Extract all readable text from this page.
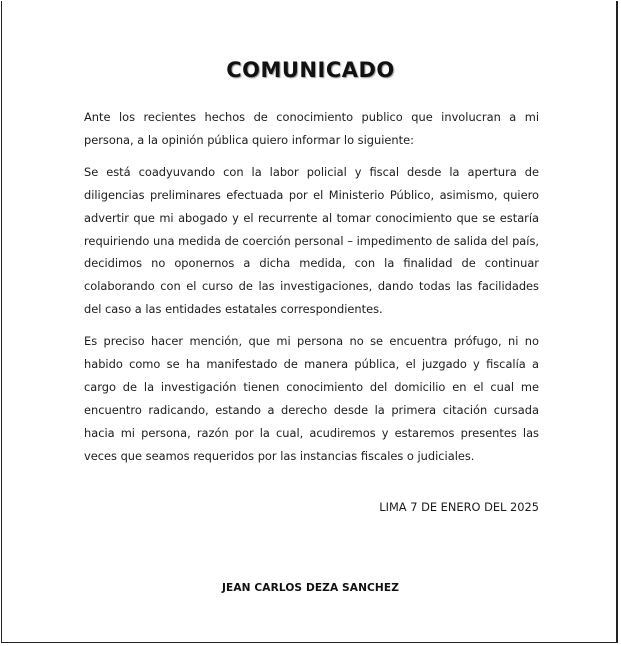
COMUNICADO

Ante los recientes hechos de conocimiento publico que involucran a mi persona, a la opinión pública quiero informar lo siguiente:

Se está coadyuvando con la labor policial y fiscal desde la apertura de diligencias preliminares efectuada por el Ministerio Público, asimismo, quiero advertir que mi abogado y el recurrente al tomar conocimiento que se estaría requiriendo una medida de coerción personal – impedimento de salida del país, decidimos no oponernos a dicha medida, con la finalidad de continuar colaborando con el curso de las investigaciones, dando todas las facilidades del caso a las entidades estatales correspondientes.

Es preciso hacer mención, que mi persona no se encuentra prófugo, ni no habido como se ha manifestado de manera pública, el juzgado y fiscalía a cargo de la investigación tienen conocimiento del domicilio en el cual me encuentro radicando, estando a derecho desde la primera citación cursada hacia mi persona, razón por la cual, acudiremos y estaremos presentes las veces que seamos requeridos por las instancias fiscales o judiciales.

LIMA 7 DE ENERO DEL 2025
JEAN CARLOS DEZA SANCHEZ
